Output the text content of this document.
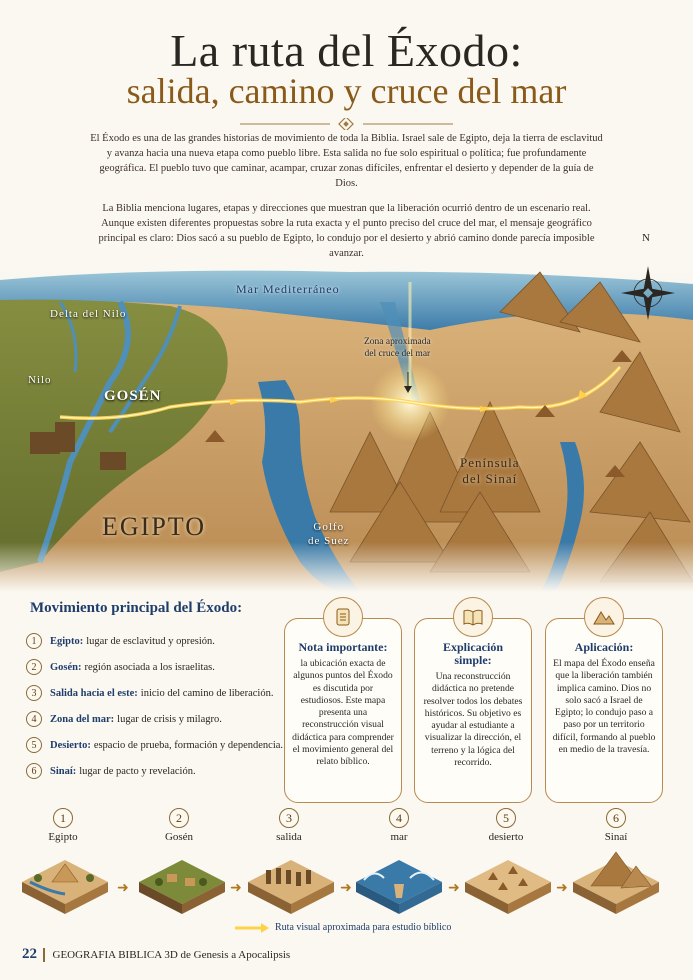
La ruta del Éxodo:
salida, camino y cruce del mar
El Éxodo es una de las grandes historias de movimiento de toda la Biblia. Israel sale de Egipto, deja la tierra de esclavitud y avanza hacia una nueva etapa como pueblo libre. Esta salida no fue solo espiritual o política; fue profundamente geográfica. El pueblo tuvo que caminar, acampar, cruzar zonas difíciles, enfrentar el desierto y depender de la guía de Dios.
La Biblia menciona lugares, etapas y direcciones que muestran que la liberación ocurrió dentro de un escenario real. Aunque existen diferentes propuestas sobre la ruta exacta y el punto preciso del cruce del mar, el mensaje geográfico principal es claro: Dios sacó a su pueblo de Egipto, lo condujo por el desierto y abrió camino donde parecía imposible avanzar.
N
Mar Mediterráneo
Delta del Nilo
Nilo
GOSÉN
EGIPTO	Golfo
de Suez
Península
del Sinaí
Zona aproximada
del cruce del mar
Movimiento principal del Éxodo:
1	Egipto: lugar de esclavitud y opresión.
2	Gosén: región asociada a los israelitas.
3	Salida hacia el este: inicio del camino de liberación.
4	Zona del mar: lugar de crisis y milagro.
5	Desierto: espacio de prueba, formación y dependencia.
6	Sinaí: lugar de pacto y revelación.
Nota importante:

la ubicación exacta de algunos puntos del Éxodo es discutida por estudiosos. Este mapa presenta una reconstrucción visual didáctica para comprender el movimiento general del relato bíblico.

Explicación simple:

Una reconstrucción didáctica no pretende resolver todos los debates históricos. Su objetivo es ayudar al estudiante a visualizar la dirección, el terreno y la lógica del recorrido.

Aplicación:

El mapa del Éxodo enseña que la liberación también implica camino. Dios no solo sacó a Israel de Egipto; lo condujo paso a paso por un territorio difícil, formando al pueblo en medio de la travesía.

1
Egipto
2
Gosén
3
salida
4
mar
5
desierto
6
Sinaí
➜	➜	➜	➜	➜
Ruta visual aproximada para estudio bíblico
22 GEOGRAFIA BIBLICA 3D de Genesis a Apocalipsis
